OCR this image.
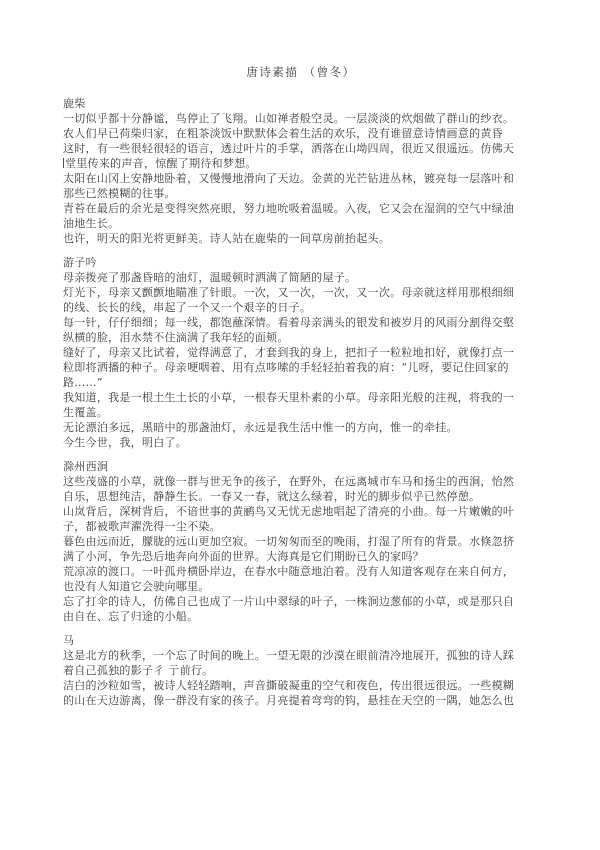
唐诗素描 （曾冬）
鹿柴
一切似乎都十分静谧，鸟停止了飞翔。山如禅者般空灵。一层淡淡的炊烟做了群山的纱衣。
农人们早已荷柴归家，在粗茶淡饭中默默体会着生活的欢乐，没有谁留意诗情画意的黄昏
这时，有一些很轻很轻的语言，透过叶片的手掌，洒落在山坳四周，很近又很遥远。仿佛天
堂里传来的声音，惊醒了期待和梦想。
太阳在山冈上安静地卧着，又慢慢地滑向了天边。金黄的光芒钻进丛林，镀亮每一层落叶和
那些已然模糊的往事。
青苔在最后的余光是变得突然亮眼，努力地吮吸着温暖。入夜，它又会在湿润的空气中绿油
油地生长。
也许，明天的阳光将更鲜美。诗人站在鹿柴的一间草房前抬起头。
游子吟
母亲拨亮了那盏昏暗的油灯，温暖顿时洒满了简陋的屋子。
灯光下，母亲又颤颤地瞄准了针眼。一次，又一次，一次，又一次。母亲就这样用那根细细
的线、长长的线，串起了一个又一个艰辛的日子。
每一针，仔仔细细；每一线，都饱蘸深情。看着母亲满头的银发和被岁月的风雨分割得交壑
纵横的脸，泪水禁不住滴满了我年轻的面颊。
缝好了，母亲又比试着，觉得满意了，才套到我的身上，把扣子一粒粒地扣好，就像打点一
粒即将洒播的种子。母亲哽咽着、用有点哆嗦的手轻轻拍着我的肩：“儿呀，要记住回家的
路……”
我知道，我是一根土生土长的小草，一根春天里朴素的小草。母亲阳光般的注视，将我的一
生覆盖。
无论漂泊多远，黑暗中的那盏油灯，永远是我生活中惟一的方向，惟一的牵挂。
今生今世，我，明白了。
滁州西涧
这些茂盛的小草，就像一群与世无争的孩子，在野外，在远离城市车马和扬尘的西涧，怡然
自乐，思想纯洁，静静生长。一春又一春，就这么绿着，时光的脚步似乎已然停憩。
山岚背后，深树背后，不谙世事的黄鹂鸟又无忧无虑地唱起了清亮的小曲。每一片嫩嫩的叶
子，都被歌声濯洗得一尘不染。
暮色由远而近，朦胧的远山更加空寂。一切匆匆而至的晚雨，打湿了所有的背景。水倏忽挤
满了小河，争先恐后地奔向外面的世界。大海真是它们期盼已久的家吗？
荒凉凉的渡口。一叶孤舟横卧岸边，在春水中随意地泊着。没有人知道客观存在来自何方，
也没有人知道它会驶向哪里。
忘了打伞的诗人，仿佛自己也成了一片山中翠绿的叶子，一株涧边葱郁的小草，或是那只自
由自在、忘了归途的小船。
马
这是北方的秋季，一个忘了时间的晚上。一望无限的沙漠在眼前清冷地展开，孤独的诗人踩
着自己孤独的影子彳 亍前行。
洁白的沙粒如雪，被诗人轻轻踏响，声音撕破凝重的空气和夜色，传出很远很远。一些模糊
的山在天边游离，像一群没有家的孩子。月亮提着弯弯的钩，悬挂在天空的一隅，她怎么也
